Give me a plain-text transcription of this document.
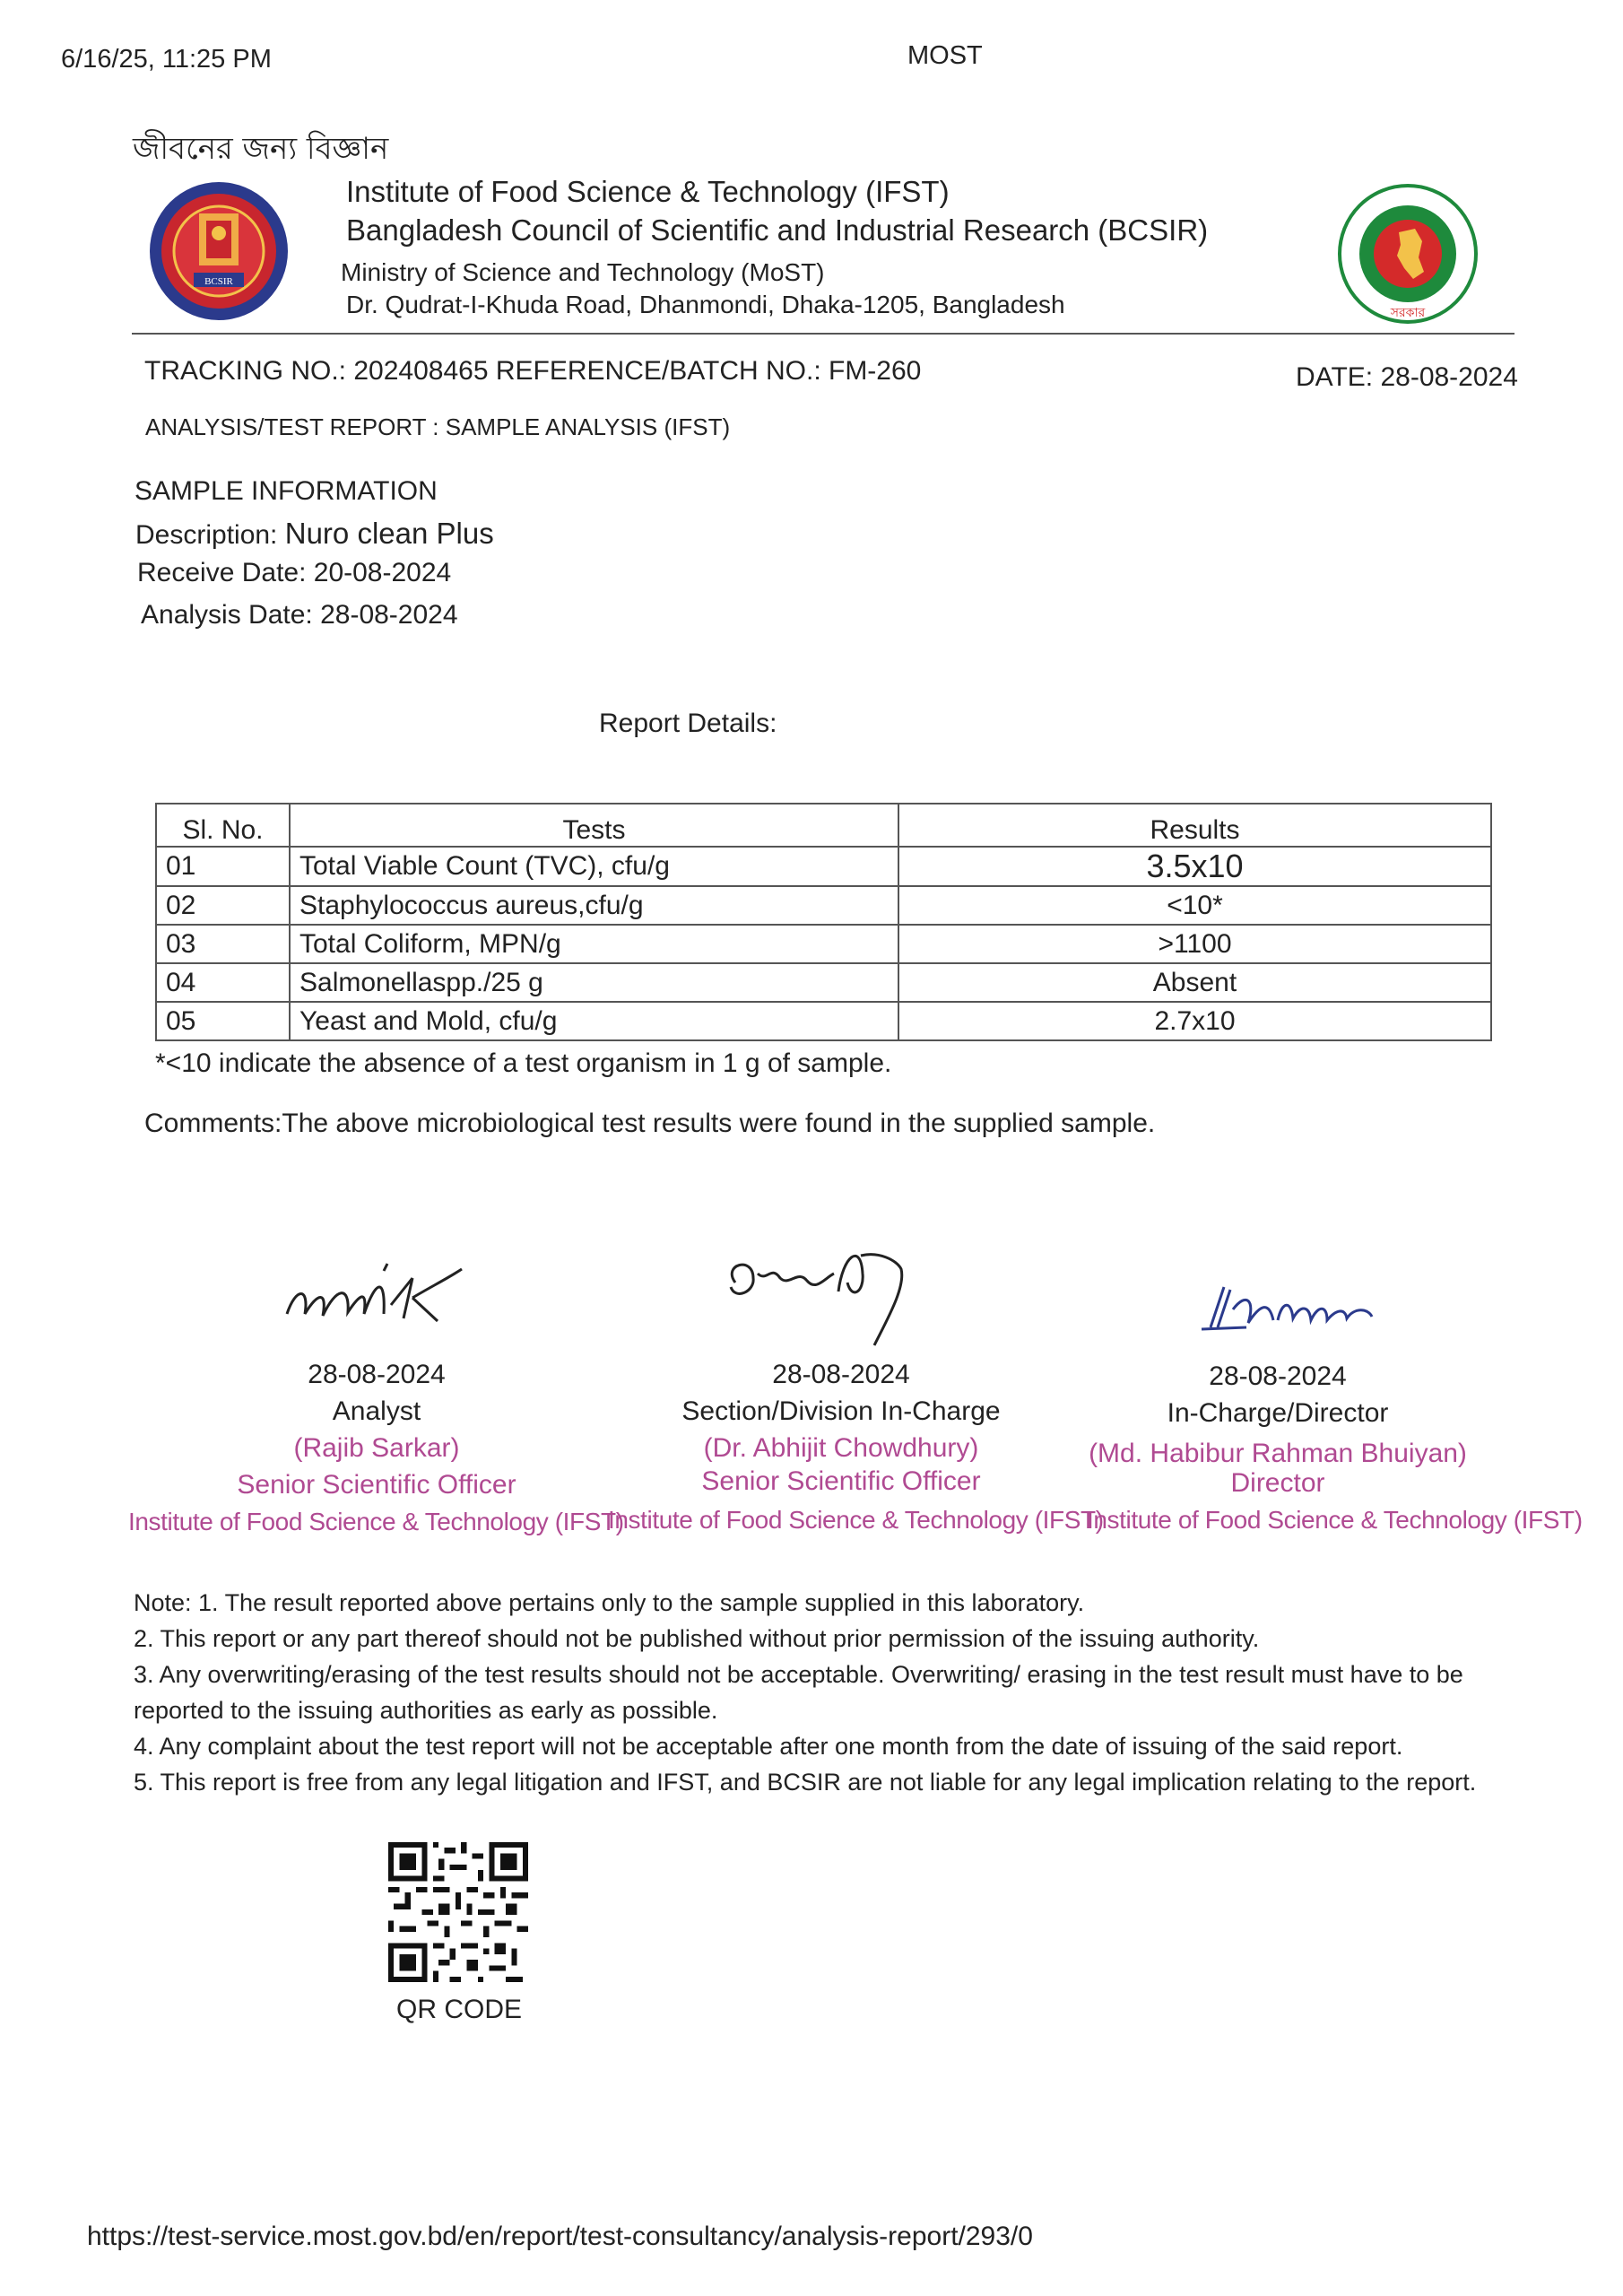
6/16/25, 11:25 PM	MOST
জীবনের জন্য বিজ্ঞান
BCSIR
Institute of Food Science & Technology (IFST)
Bangladesh Council of Scientific and Industrial Research (BCSIR)
Ministry of Science and Technology (MoST)
Dr. Qudrat-I-Khuda Road, Dhanmondi, Dhaka-1205, Bangladesh	সরকার
TRACKING NO.: 202408465 REFERENCE/BATCH NO.: FM-260	DATE: 28-08-2024
ANALYSIS/TEST REPORT : SAMPLE ANALYSIS (IFST)
SAMPLE INFORMATION
Description: Nuro clean Plus
Receive Date: 20-08-2024
Analysis Date: 28-08-2024
Report Details:
Sl. No.	Tests	Results
01	Total Viable Count (TVC), cfu/g	3.5x10
02	Staphylococcus aureus,cfu/g	<10*
03	Total Coliform, MPN/g	>1100
04	Salmonellaspp./25 g	Absent
05	Yeast and Mold, cfu/g	2.7x10
*<10 indicate the absence of a test organism in 1 g of sample.
Comments:The above microbiological test results were found in the supplied sample.
28-08-2024
Analyst
(Rajib Sarkar)
Senior Scientific Officer
28-08-2024
Section/Division In-Charge
(Dr. Abhijit Chowdhury)
Senior Scientific Officer
28-08-2024
In-Charge/Director
(Md. Habibur Rahman Bhuiyan)
Director
Institute of Food Science & Technology (IFST)
Institute of Food Science & Technology (IFST)
Institute of Food Science & Technology (IFST)
Note: 1. The result reported above pertains only to the sample supplied in this laboratory.
2. This report or any part thereof should not be published without prior permission of the issuing authority.
3. Any overwriting/erasing of the test results should not be acceptable. Overwriting/ erasing in the test result must have to be reported to the issuing authorities as early as possible.
4. Any complaint about the test report will not be acceptable after one month from the date of issuing of the said report.
5. This report is free from any legal litigation and IFST, and BCSIR are not liable for any legal implication relating to the report.
QR CODE
https://test-service.most.gov.bd/en/report/test-consultancy/analysis-report/293/0
